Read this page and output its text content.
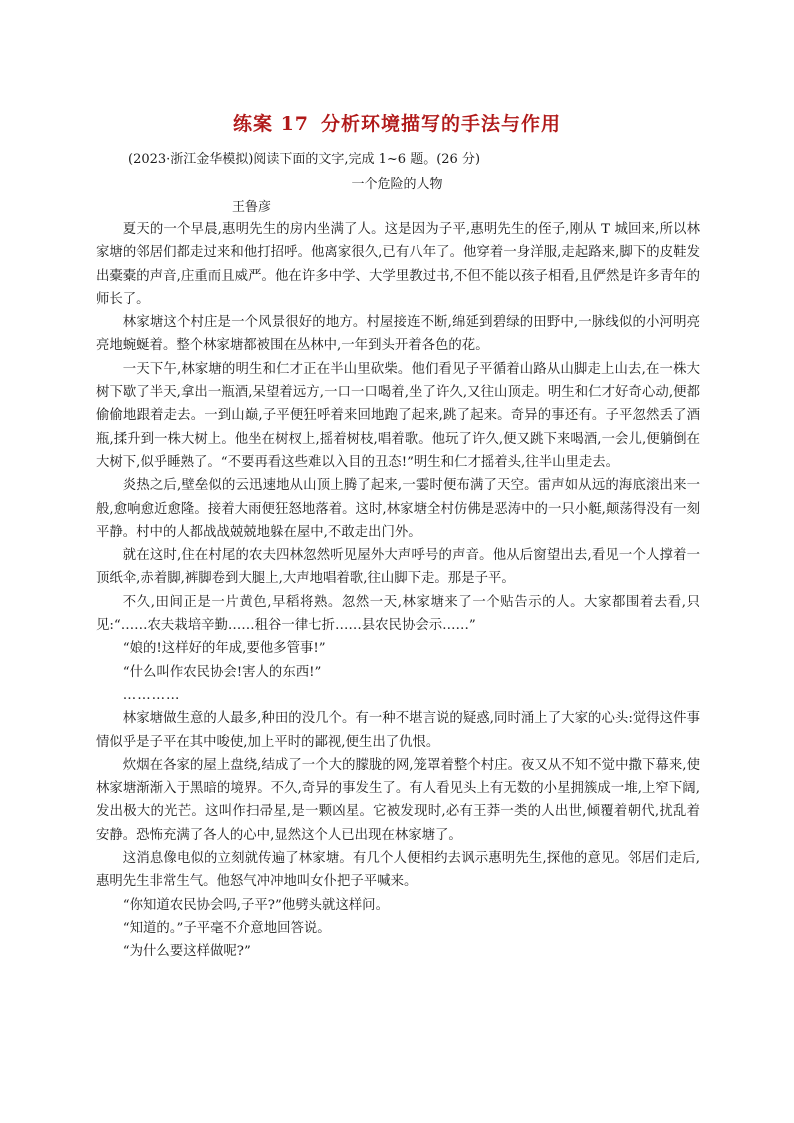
练案 17 分析环境描写的手法与作用
(2023·浙江金华模拟)阅读下面的文字,完成 1~6 题。(26 分)
一个危险的人物
王鲁彦

夏天的一个早晨,惠明先生的房内坐满了人。这是因为子平,惠明先生的侄子,刚从 T 城回来,所以林家塘的邻居们都走过来和他打招呼。他离家很久,已有八年了。他穿着一身洋服,走起路来,脚下的皮鞋发出橐橐的声音,庄重而且威严。他在许多中学、大学里教过书,不但不能以孩子相看,且俨然是许多青年的师长了。

林家塘这个村庄是一个风景很好的地方。村屋接连不断,绵延到碧绿的田野中,一脉线似的小河明亮亮地蜿蜒着。整个林家塘都被围在丛林中,一年到头开着各色的花。

一天下午,林家塘的明生和仁才正在半山里砍柴。他们看见子平循着山路从山脚走上山去,在一株大树下歇了半天,拿出一瓶酒,呆望着远方,一口一口喝着,坐了许久,又往山顶走。明生和仁才好奇心动,便都偷偷地跟着走去。一到山巅,子平便狂呼着来回地跑了起来,跳了起来。奇异的事还有。子平忽然丢了酒瓶,揉升到一株大树上。他坐在树杈上,摇着树枝,唱着歌。他玩了许久,便又跳下来喝酒,一会儿,便躺倒在大树下,似乎睡熟了。“不要再看这些难以入目的丑态!”明生和仁才摇着头,往半山里走去。

炎热之后,壁垒似的云迅速地从山顶上腾了起来,一霎时便布满了天空。雷声如从远的海底滚出来一般,愈响愈近愈隆。接着大雨便狂怒地落着。这时,林家塘全村仿佛是恶涛中的一只小艇,颠荡得没有一刻平静。村中的人都战战兢兢地躲在屋中,不敢走出门外。

就在这时,住在村尾的农夫四林忽然听见屋外大声呼号的声音。他从后窗望出去,看见一个人撑着一顶纸伞,赤着脚,裤脚卷到大腿上,大声地唱着歌,往山脚下走。那是子平。

不久,田间正是一片黄色,早稻将熟。忽然一天,林家塘来了一个贴告示的人。大家都围着去看,只见:“……农夫栽培辛勤……租谷一律七折……县农民协会示……”

“娘的!这样好的年成,要他多管事!”

“什么叫作农民协会!害人的东西!”

…………

林家塘做生意的人最多,种田的没几个。有一种不堪言说的疑惑,同时涌上了大家的心头:觉得这件事情似乎是子平在其中唆使,加上平时的鄙视,便生出了仇恨。

炊烟在各家的屋上盘绕,结成了一个大的朦胧的网,笼罩着整个村庄。夜又从不知不觉中撒下幕来,使林家塘渐渐入于黑暗的境界。不久,奇异的事发生了。有人看见头上有无数的小星拥簇成一堆,上窄下阔,发出极大的光芒。这叫作扫帚星,是一颗凶星。它被发现时,必有王莽一类的人出世,倾覆着朝代,扰乱着安静。恐怖充满了各人的心中,显然这个人已出现在林家塘了。

这消息像电似的立刻就传遍了林家塘。有几个人便相约去讽示惠明先生,探他的意见。邻居们走后,惠明先生非常生气。他怒气冲冲地叫女仆把子平喊来。

“你知道农民协会吗,子平?”他劈头就这样问。

“知道的。”子平毫不介意地回答说。

“为什么要这样做呢?”
